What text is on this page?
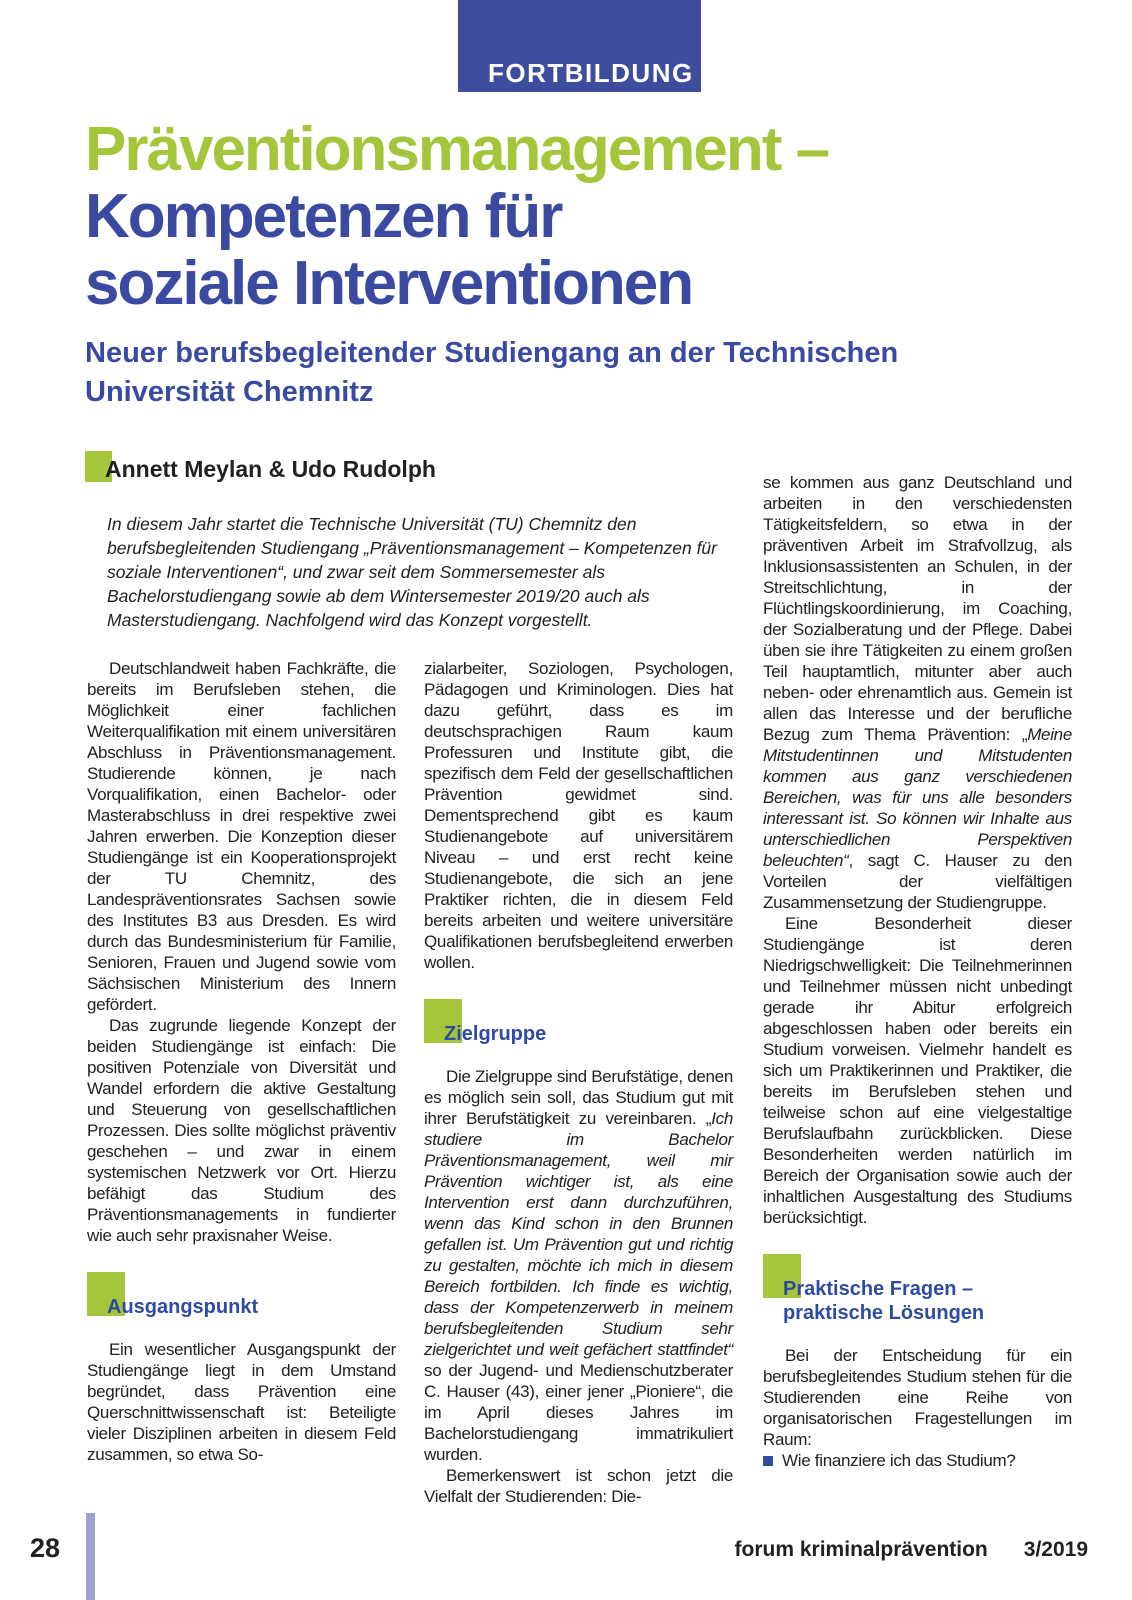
FORTBILDUNG
Präventionsmanagement –
Kompetenzen für
soziale Interventionen
Neuer berufsbegleitender Studiengang an der Technischen
Universität Chemnitz
Annett Meylan & Udo Rudolph
In diesem Jahr startet die Technische Universität (TU) Chemnitz den berufsbegleitenden Studiengang „Präventionsmanagement – Kompetenzen für soziale Interventionen“, und zwar seit dem Sommersemester als Bachelorstudiengang sowie ab dem Wintersemester 2019/20 auch als Masterstudiengang. Nachfolgend wird das Konzept vorgestellt.

Deutschlandweit haben Fachkräfte, die bereits im Berufsleben stehen, die Möglichkeit einer fachlichen Weiterqualifikation mit einem universitären Abschluss in Präventionsmanagement. Studierende können, je nach Vorqualifikation, einen Bachelor- oder Masterabschluss in drei respektive zwei Jahren erwerben. Die Konzeption dieser Studiengänge ist ein Kooperationsprojekt der TU Chemnitz, des Landespräventionsrates Sachsen sowie des Institutes B3 aus Dresden. Es wird durch das Bundesministerium für Familie, Senioren, Frauen und Jugend sowie vom Sächsischen Ministerium des Innern gefördert.

Das zugrunde liegende Konzept der beiden Studiengänge ist einfach: Die positiven Potenziale von Diversität und Wandel erfordern die aktive Gestaltung und Steuerung von gesellschaftlichen Prozessen. Dies sollte möglichst präventiv geschehen – und zwar in einem systemischen Netzwerk vor Ort. Hierzu befähigt das Studium des Präventionsmanagements in fundierter wie auch sehr praxisnaher Weise.

Ausgangspunkt

Ein wesentlicher Ausgangspunkt der Studiengänge liegt in dem Umstand begründet, dass Prävention eine Querschnittwissenschaft ist: Beteiligte vieler Disziplinen arbeiten in diesem Feld zusammen, so etwa So-

zialarbeiter, Soziologen, Psychologen, Pädagogen und Kriminologen. Dies hat dazu geführt, dass es im deutschsprachigen Raum kaum Professuren und Institute gibt, die spezifisch dem Feld der gesellschaftlichen Prävention gewidmet sind. Dementsprechend gibt es kaum Studienangebote auf universitärem Niveau – und erst recht keine Studienangebote, die sich an jene Praktiker richten, die in diesem Feld bereits arbeiten und weitere universitäre Qualifikationen berufsbegleitend erwerben wollen.

Zielgruppe

Die Zielgruppe sind Berufstätige, denen es möglich sein soll, das Studium gut mit ihrer Berufstätigkeit zu vereinbaren. „Ich studiere im Bachelor Präventionsmanagement, weil mir Prävention wichtiger ist, als eine Intervention erst dann durchzuführen, wenn das Kind schon in den Brunnen gefallen ist. Um Prävention gut und richtig zu gestalten, möchte ich mich in diesem Bereich fortbilden. Ich finde es wichtig, dass der Kompetenzerwerb in meinem berufsbegleitenden Studium sehr zielgerichtet und weit gefächert stattfindet“ so der Jugend- und Medienschutzberater C. Hauser (43), einer jener „Pioniere“, die im April dieses Jahres im Bachelorstudiengang immatrikuliert wurden.

Bemerkenswert ist schon jetzt die Vielfalt der Studierenden: Die-

se kommen aus ganz Deutschland und arbeiten in den verschiedensten Tätigkeitsfeldern, so etwa in der präventiven Arbeit im Strafvollzug, als Inklusionsassistenten an Schulen, in der Streitschlichtung, in der Flüchtlingskoordinierung, im Coaching, der Sozialberatung und der Pflege. Dabei üben sie ihre Tätigkeiten zu einem großen Teil hauptamtlich, mitunter aber auch neben- oder ehrenamtlich aus. Gemein ist allen das Interesse und der berufliche Bezug zum Thema Prävention: „Meine Mitstudentinnen und Mitstudenten kommen aus ganz verschiedenen Bereichen, was für uns alle besonders interessant ist. So können wir Inhalte aus unterschiedlichen Perspektiven beleuchten“, sagt C. Hauser zu den Vorteilen der vielfältigen Zusammensetzung der Studiengruppe.

Eine Besonderheit dieser Studiengänge ist deren Niedrigschwelligkeit: Die Teilnehmerinnen und Teilnehmer müssen nicht unbedingt gerade ihr Abitur erfolgreich abgeschlossen haben oder bereits ein Studium vorweisen. Vielmehr handelt es sich um Praktikerinnen und Praktiker, die bereits im Berufsleben stehen und teilweise schon auf eine vielgestaltige Berufslaufbahn zurückblicken. Diese Besonderheiten werden natürlich im Bereich der Organisation sowie auch der inhaltlichen Ausgestaltung des Studiums berücksichtigt.

Praktische Fragen –
praktische Lösungen

Bei der Entscheidung für ein berufsbegleitendes Studium stehen für die Studierenden eine Reihe von organisatorischen Fragestellungen im Raum:

Wie finanziere ich das Studium?

28	forum kriminalprävention 3/2019
